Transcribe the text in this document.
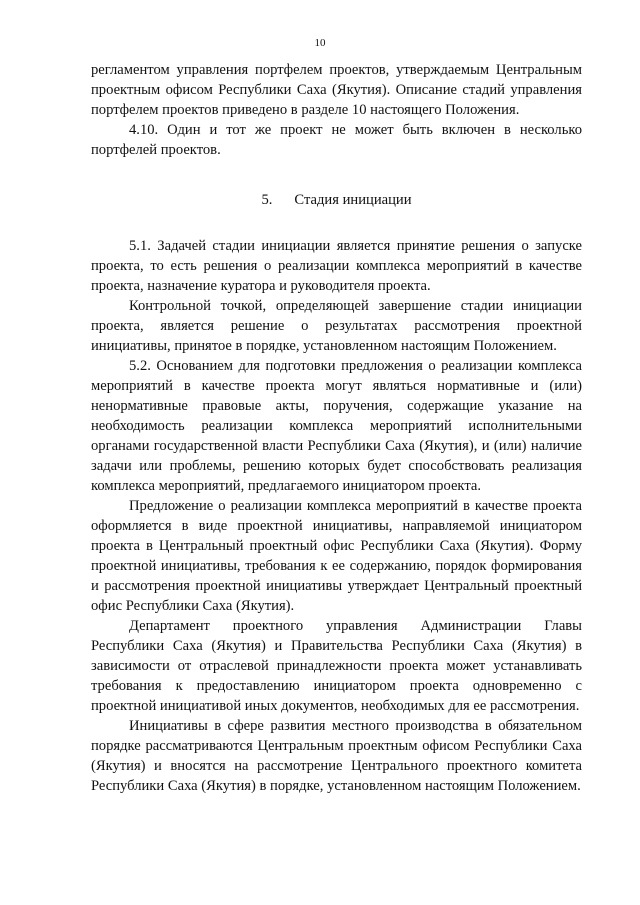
10

регламентом управления портфелем проектов, утверждаемым Центральным проектным офисом Республики Саха (Якутия). Описание стадий управления портфелем проектов приведено в разделе 10 настоящего Положения.

4.10. Один и тот же проект не может быть включен в несколько портфелей проектов.

5. Стадия инициации

5.1. Задачей стадии инициации является принятие решения о запуске проекта, то есть решения о реализации комплекса мероприятий в качестве проекта, назначение куратора и руководителя проекта.

Контрольной точкой, определяющей завершение стадии инициации проекта, является решение о результатах рассмотрения проектной инициативы, принятое в порядке, установленном настоящим Положением.

5.2. Основанием для подготовки предложения о реализации комплекса мероприятий в качестве проекта могут являться нормативные и (или) ненормативные правовые акты, поручения, содержащие указание на необходимость реализации комплекса мероприятий исполнительными органами государственной власти Республики Саха (Якутия), и (или) наличие задачи или проблемы, решению которых будет способствовать реализация комплекса мероприятий, предлагаемого инициатором проекта.

Предложение о реализации комплекса мероприятий в качестве проекта оформляется в виде проектной инициативы, направляемой инициатором проекта в Центральный проектный офис Республики Саха (Якутия). Форму проектной инициативы, требования к ее содержанию, порядок формирования и рассмотрения проектной инициативы утверждает Центральный проектный офис Республики Саха (Якутия).

Департамент проектного управления Администрации Главы Республики Саха (Якутия) и Правительства Республики Саха (Якутия) в зависимости от отраслевой принадлежности проекта может устанавливать требования к предоставлению инициатором проекта одновременно с проектной инициативой иных документов, необходимых для ее рассмотрения.

Инициативы в сфере развития местного производства в обязательном порядке рассматриваются Центральным проектным офисом Республики Саха (Якутия) и вносятся на рассмотрение Центрального проектного комитета Республики Саха (Якутия) в порядке, установленном настоящим Положением.
